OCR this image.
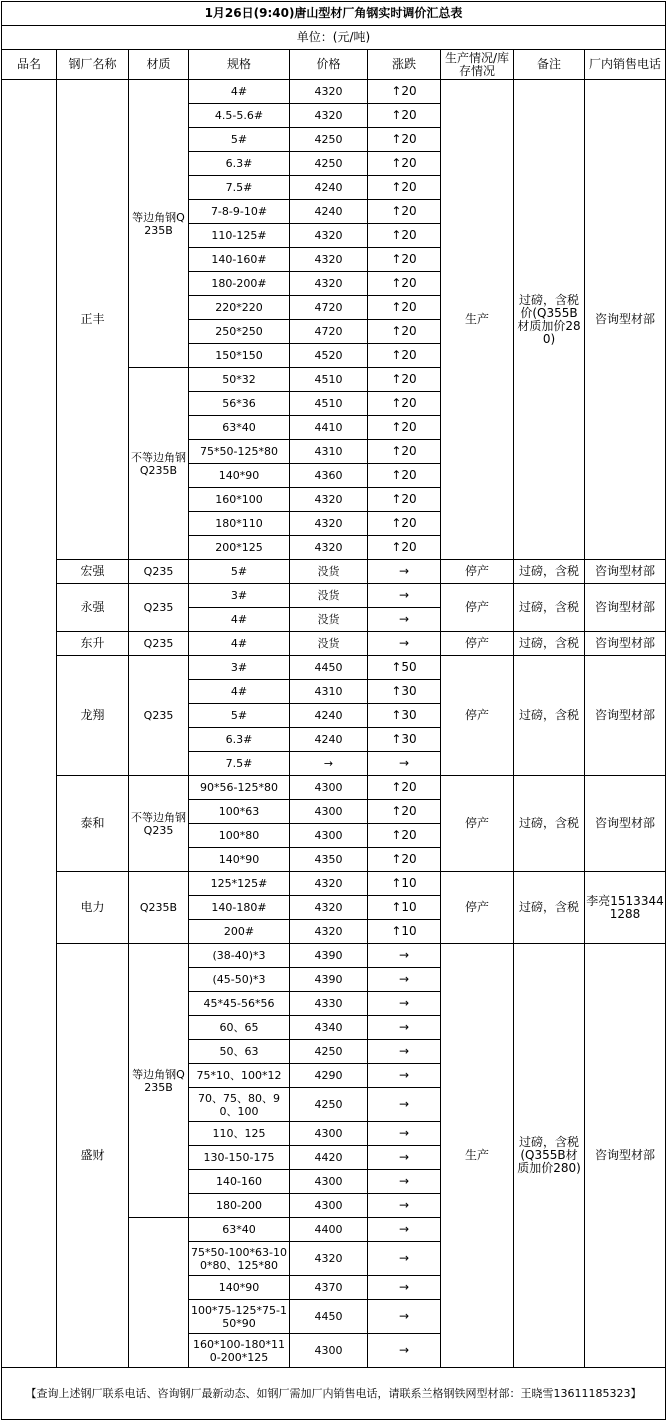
1月26日(9:40)唐山型材厂角钢实时调价汇总表								
单位：(元/吨)								
品名	钢厂名称	材质	规格	价格	涨跌	生产情况/库存情况	备注	厂内销售电话
	正丰	等边角钢Q235B	4#	4320	↑20	生产	过磅，含税价(Q355B材质加价280)	咨询型材部
			4.5-5.6#	4320	↑20			
			5#	4250	↑20			
			6.3#	4250	↑20			
			7.5#	4240	↑20			
			7-8-9-10#	4240	↑20			
			110-125#	4320	↑20			
			140-160#	4320	↑20			
			180-200#	4320	↑20			
			220*220	4720	↑20			
			250*250	4720	↑20			
			150*150	4520	↑20			
		不等边角钢Q235B	50*32	4510	↑20			
			56*36	4510	↑20			
			63*40	4410	↑20			
			75*50-125*80	4310	↑20			
			140*90	4360	↑20			
			160*100	4320	↑20			
			180*110	4320	↑20			
			200*125	4320	↑20			
	宏强	Q235	5#	没货	→	停产	过磅，含税	咨询型材部
	永强	Q235	3#	没货	→	停产	过磅，含税	咨询型材部
			4#	没货	→			
	东升	Q235	4#	没货	→	停产	过磅，含税	咨询型材部
	龙翔	Q235	3#	4450	↑50	停产	过磅，含税	咨询型材部
			4#	4310	↑30			
			5#	4240	↑30			
			6.3#	4240	↑30			
			7.5#	→	→			
	泰和	不等边角钢Q235	90*56-125*80	4300	↑20	停产	过磅，含税	咨询型材部
			100*63	4300	↑20			
			100*80	4300	↑20			
			140*90	4350	↑20			
	电力	Q235B	125*125#	4320	↑10	停产	过磅，含税	李亮15133441288
			140-180#	4320	↑10			
			200#	4320	↑10			
	盛财	等边角钢Q235B	(38-40)*3	4390	→	生产	过磅，含税(Q355B材质加价280)	咨询型材部
			(45-50)*3	4390	→			
			45*45-56*56	4330	→			
			60、65	4340	→			
			50、63	4250	→			
			75*10、100*12	4290	→			
			70、75、80、90、100	4250	→			
			110、125	4300	→			
			130-150-175	4420	→			
			140-160	4300	→			
			180-200	4300	→			
			63*40	4400	→			
			75*50-100*63-100*80、125*80	4320	→			
			140*90	4370	→			
			100*75-125*75-150*90	4450	→			
			160*100-180*110-200*125	4300	→			
【查询上述钢厂联系电话、咨询钢厂最新动态、如钢厂需加厂内销售电话，请联系兰格钢铁网型材部：王晓雪13611185323】								
